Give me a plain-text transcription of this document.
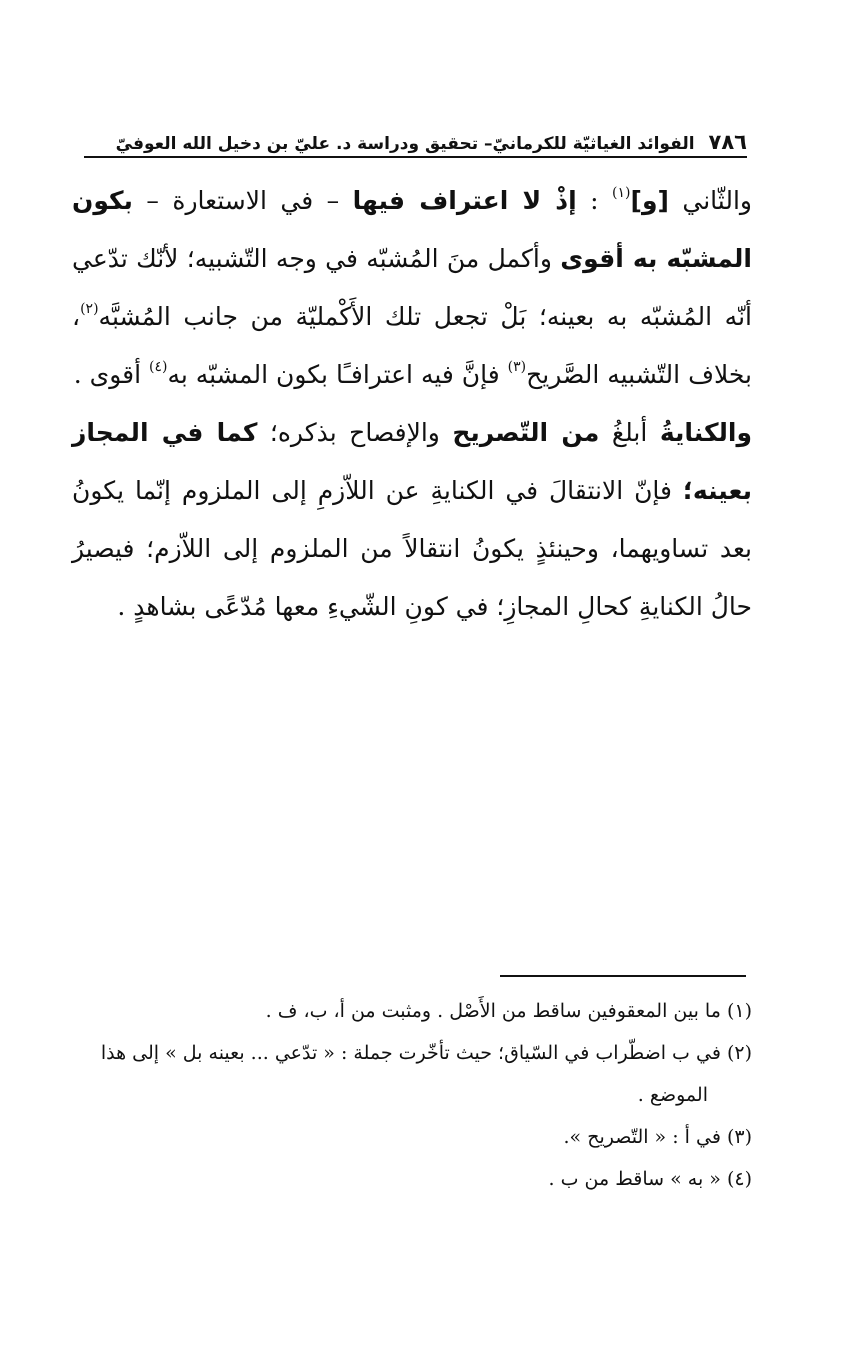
٧٨٦
الفوائد الغياثيّة للكرمانيّ– تحقيق ودراسة د. عليّ بن دخيل الله العوفيّ

والثّاني [و]$^{(١)}$ : إذْ لا اعتراف فيها – في الاستعارة – بكون المشبّه به أقوى وأكمل منَ المُشبّه في وجه التّشبيه؛ لأنّك تدّعي أنّه المُشبّه به بعينه؛ بَلْ تجعل تلك الأَكْمليّة من جانب المُشبَّه$^{(٢)}$، بخلاف التّشبيه الصَّريح$^{(٣)}$ فإنَّ فيه اعترافـًا بكون المشبّه به$^{(٤)}$ أقوى .

والكنايةُ أبلغُ من التّصريح والإفصاح بذكره؛ كما في المجاز بعينه؛ فإنّ الانتقالَ في الكنايةِ عن اللاّزمِ إلى الملزوم إنّما يكونُ بعد تساويهما، وحينئذٍ يكونُ انتقالاً من الملزوم إلى اللاّزم؛ فيصيرُ حالُ الكنايةِ كحالِ المجازِ؛ في كونِ الشّيءِ معها مُدّعًى بشاهدٍ .

(١) ما بين المعقوفين ساقط من الأَصْل . ومثبت من أ، ب، ف .

(٢) في ب اضطّراب في السّياق؛ حيث تأخّرت جملة : « تدّعي ... بعينه بل » إلى هذا

الموضع .

(٣) في أ : « التّصريح ».

(٤) « به » ساقط من ب .
